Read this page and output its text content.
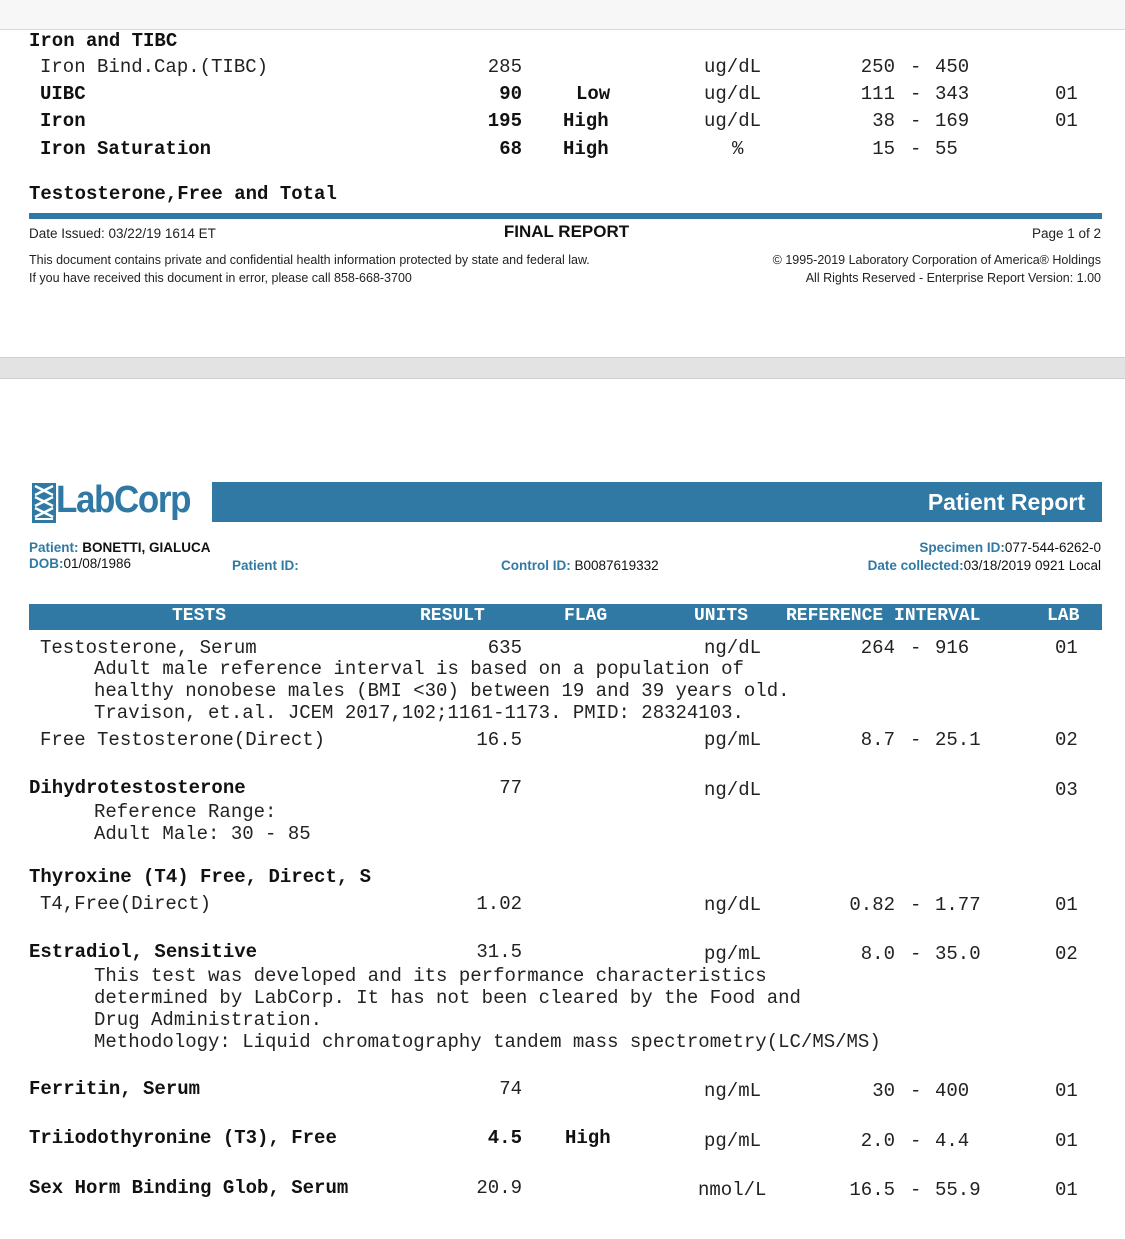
Iron and TIBC
Iron Bind.Cap.(TIBC)	285	ug/dL	250 - 450
UIBC	90	Low	ug/dL	111 - 343	01
Iron	195 High	ug/dL	38 - 169	01
Iron Saturation	68 High	%	15 - 55
Testosterone,Free and Total
Date Issued: 03/22/19 1614 ET	FINAL REPORT	Page 1 of 2
This document contains private and confidential health information protected by state and federal law.
If you have received this document in error, please call 858-668-3700
© 1995-2019 Laboratory Corporation of America® Holdings
All Rights Reserved - Enterprise Report Version: 1.00

LabCorp	Patient Report
Patient: BONETTI, GIALUCA
DOB:01/08/1986	Patient ID:	Control ID: B0087619332
Specimen ID:077-544-6262-0
Date collected:03/18/2019 0921 Local
TESTS	RESULT	FLAG	UNITS REFERENCE INTERVAL	LAB
Testosterone, Serum	635	ng/dL	264 - 916	01
Adult male reference interval is based on a population of
healthy nonobese males (BMI <30) between 19 and 39 years old.
Travison, et.al. JCEM 2017,102;1161-1173. PMID: 28324103.
Free Testosterone(Direct)	16.5	pg/mL	8.7 - 25.1	02
Dihydrotestosterone	77	ng/dL	03
Reference Range:
Adult Male: 30 - 85
Thyroxine (T4) Free, Direct, S
T4,Free(Direct)	1.02	ng/dL	0.82 - 1.77	01
Estradiol, Sensitive	31.5	pg/mL	8.0 - 35.0	02
This test was developed and its performance characteristics
determined by LabCorp. It has not been cleared by the Food and
Drug Administration.
Methodology: Liquid chromatography tandem mass spectrometry(LC/MS/MS)
Ferritin, Serum	74	ng/mL	30 - 400	01
Triiodothyronine (T3), Free	4.5 High	pg/mL	2.0 - 4.4	01
Sex Horm Binding Glob, Serum	20.9	nmol/L	16.5 - 55.9	01
